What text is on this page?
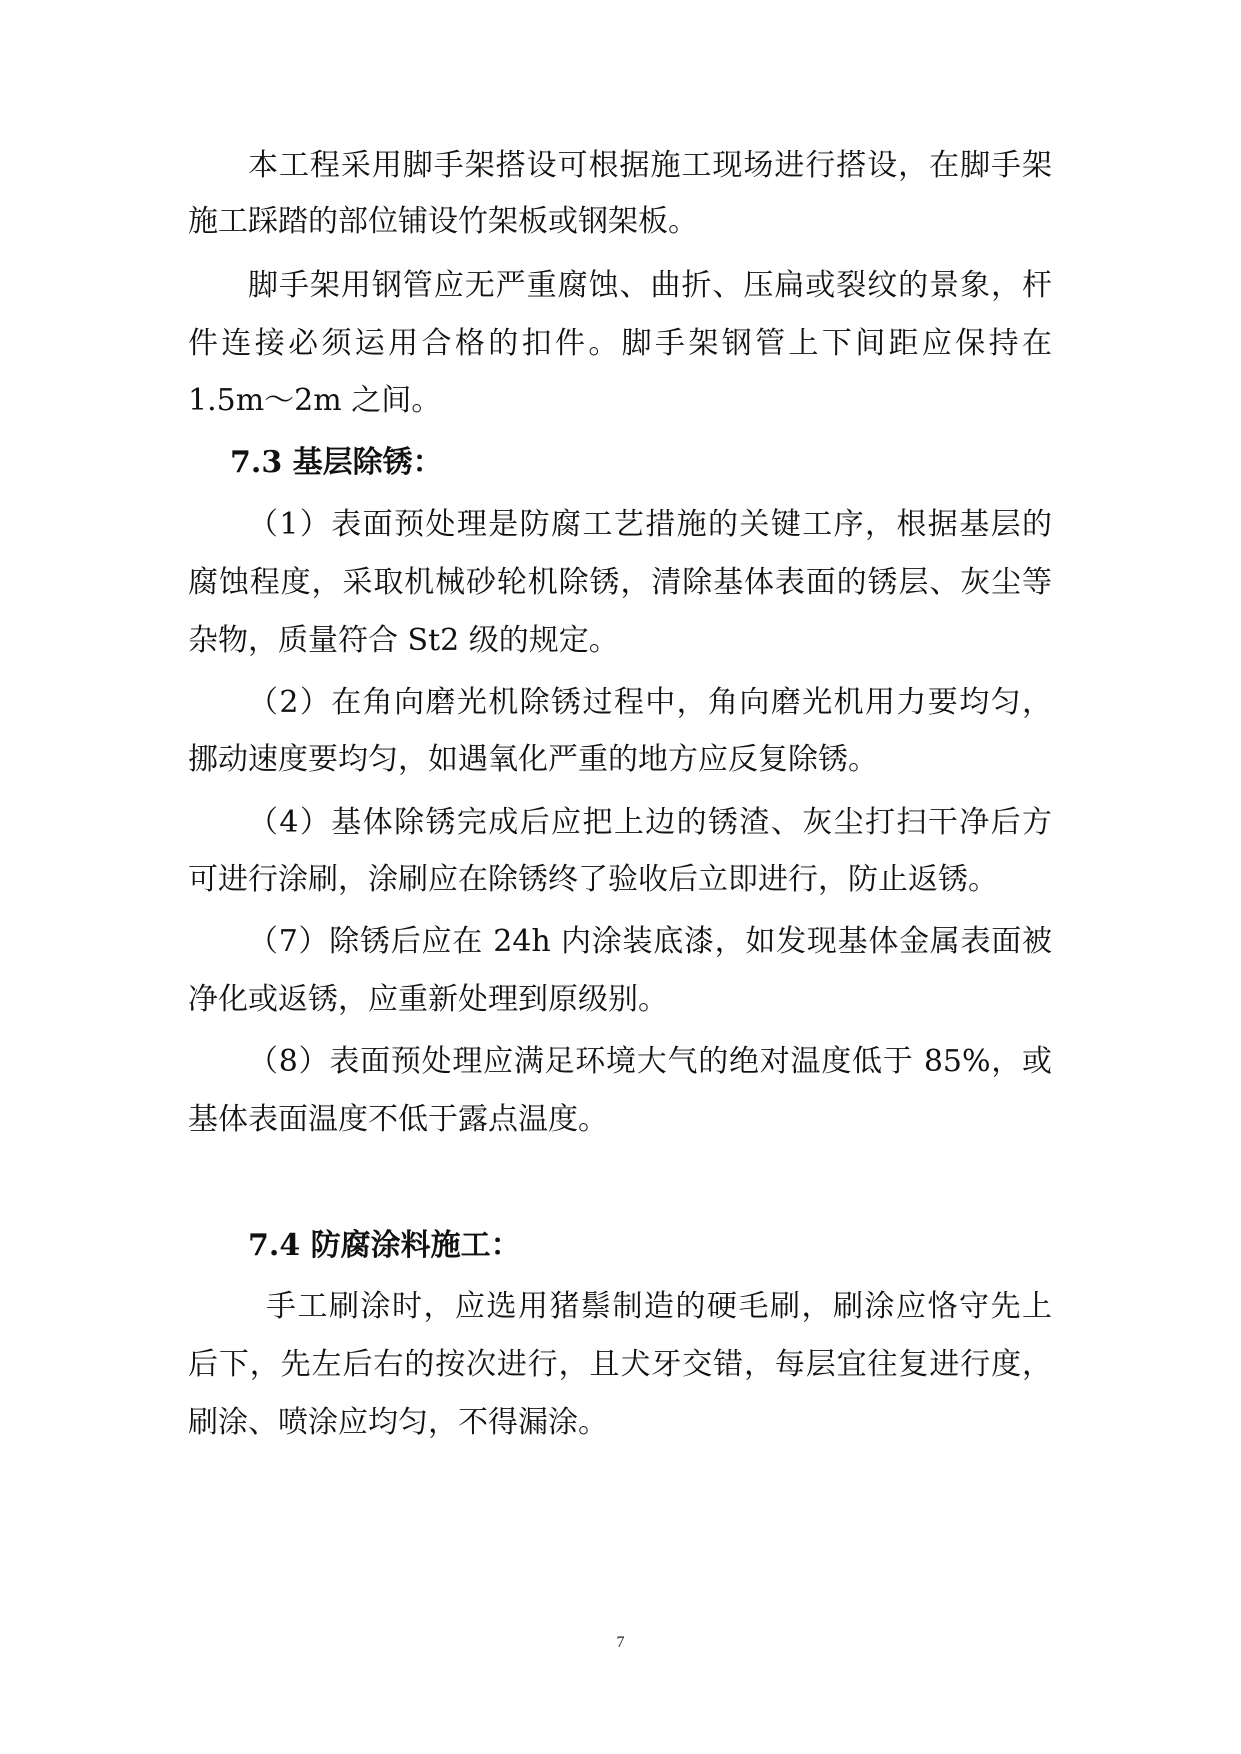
本工程采用脚手架搭设可根据施工现场进行搭设，在脚手架
施工踩踏的部位铺设竹架板或钢架板。
脚手架用钢管应无严重腐蚀、曲折、压扁或裂纹的景象，杆
件连接必须运用合格的扣件。脚手架钢管上下间距应保持在
1.5m～2m 之间。
7.3 基层除锈：
（1）表面预处理是防腐工艺措施的关键工序，根据基层的
腐蚀程度，采取机械砂轮机除锈，清除基体表面的锈层、灰尘等
杂物，质量符合 St2 级的规定。
（2）在角向磨光机除锈过程中，角向磨光机用力要均匀，
挪动速度要均匀，如遇氧化严重的地方应反复除锈。
（4）基体除锈完成后应把上边的锈渣、灰尘打扫干净后方
可进行涂刷，涂刷应在除锈终了验收后立即进行，防止返锈。
（7）除锈后应在 24h 内涂装底漆，如发现基体金属表面被
净化或返锈，应重新处理到原级别。
（8）表面预处理应满足环境大气的绝对温度低于 85%，或
基体表面温度不低于露点温度。
7.4 防腐涂料施工：
手工刷涂时，应选用猪鬃制造的硬毛刷，刷涂应恪守先上
后下，先左后右的按次进行，且犬牙交错，每层宜往复进行度，
刷涂、喷涂应均匀，不得漏涂。
7
